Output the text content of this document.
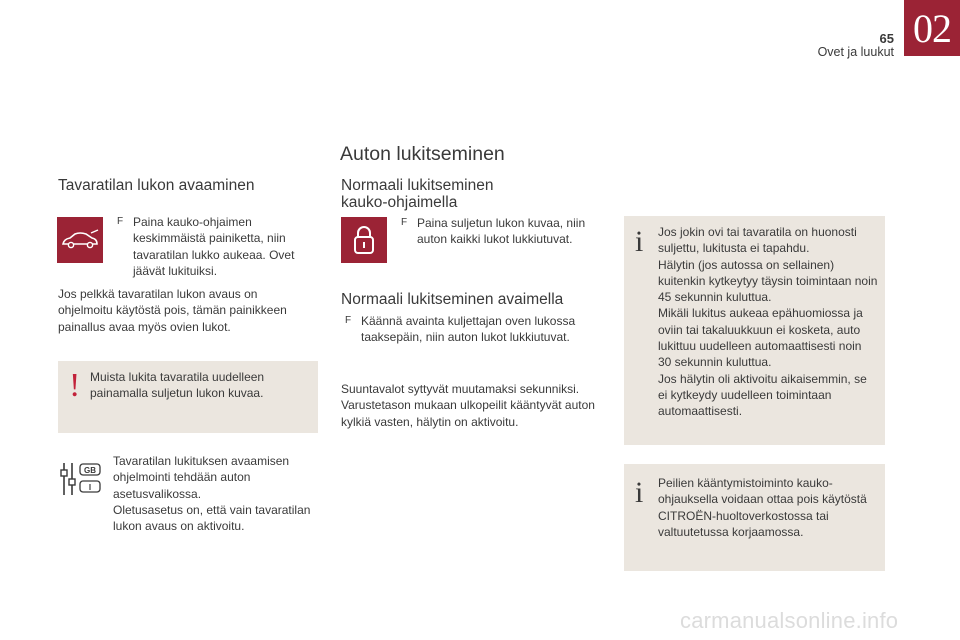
65
Ovet ja luukut
02
Auton lukitseminen
Tavaratilan lukon avaaminen
F Paina kauko-ohjaimen keskimmäistä painiketta, niin tavaratilan lukko aukeaa. Ovet jäävät lukituiksi.

Jos pelkkä tavaratilan lukon avaus on ohjelmoitu käytöstä pois, tämän painikkeen painallus avaa myös ovien lukot.

! Muista lukita tavaratila uudelleen painamalla suljetun lukon kuvaa.

GB
I

Tavaratilan lukituksen avaamisen ohjelmointi tehdään auton asetusvalikossa.

Oletusasetus on, että vain tavaratilan lukon avaus on aktivoitu.

Normaali lukitseminen
kauko-ohjaimella
F Paina suljetun lukon kuvaa, niin auton kaikki lukot lukkiutuvat.

Normaali lukitseminen avaimella
F Käännä avainta kuljettajan oven lukossa taaksepäin, niin auton lukot lukkiutuvat.

Suuntavalot syttyvät muutamaksi sekunniksi. Varustetason mukaan ulkopeilit kääntyvät auton kylkiä vasten, hälytin on aktivoitu.

i Jos jokin ovi tai tavaratila on huonosti suljettu, lukitusta ei tapahdu.

Hälytin (jos autossa on sellainen) kuitenkin kytkeytyy täysin toimintaan noin 45 sekunnin kuluttua.

Mikäli lukitus aukeaa epähuomiossa ja oviin tai takaluukkuun ei kosketa, auto lukittuu uudelleen automaattisesti noin 30 sekunnin kuluttua.

Jos hälytin oli aktivoitu aikaisemmin, se ei kytkeydy uudelleen toimintaan automaattisesti.

i Peilien kääntymistoiminto kauko-ohjauksella voidaan ottaa pois käytöstä CITROËN-huoltoverkostossa tai valtuutetussa korjaamossa.

carmanualsonline.info
